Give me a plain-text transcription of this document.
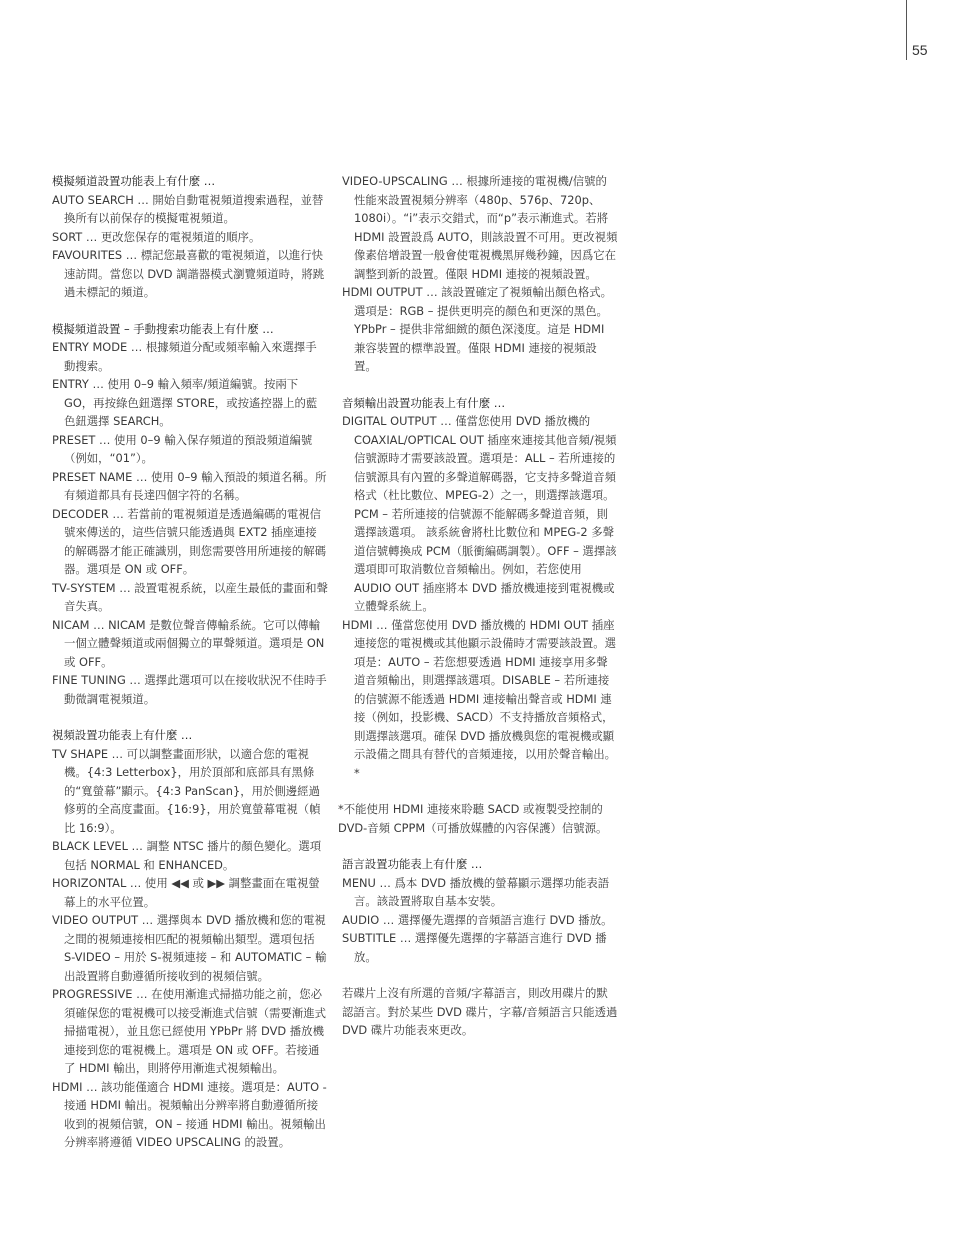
55

模擬頻道設置功能表上有什麼 …

AUTO SEARCH … 開始自動電視頻道搜索過程，並替換所有以前保存的模擬電視頻道。

SORT … 更改您保存的電視頻道的順序。

FAVOURITES … 標記您最喜歡的電視頻道，以進行快速訪問。當您以 DVD 調諧器模式瀏覽頻道時，將跳過未標記的頻道。

模擬頻道設置 – 手動搜索功能表上有什麼 …

ENTRY MODE … 根據頻道分配或頻率輸入來選擇手動搜索。

ENTRY … 使用 0–9 輸入頻率/頻道編號。按兩下 GO，再按綠色鈕選擇 STORE，或按遙控器上的藍色鈕選擇 SEARCH。

PRESET … 使用 0–9 輸入保存頻道的預設頻道編號（例如，“01”）。

PRESET NAME … 使用 0–9 輸入預設的頻道名稱。所有頻道都具有長達四個字符的名稱。

DECODER … 若當前的電視頻道是透過編碼的電視信號來傳送的，這些信號只能透過與 EXT2 插座連接的解碼器才能正確識別，則您需要啓用所連接的解碼器。選項是 ON 或 OFF。

TV-SYSTEM … 設置電視系統，以産生最低的畫面和聲音失真。

NICAM … NICAM 是數位聲音傳輸系統。它可以傳輸一個立體聲頻道或兩個獨立的單聲頻道。選項是 ON 或 OFF。

FINE TUNING … 選擇此選項可以在接收狀況不佳時手動微調電視頻道。

視頻設置功能表上有什麼 …

TV SHAPE … 可以調整畫面形狀，以適合您的電視機。{4:3 Letterbox}，用於頂部和底部具有黑條的“寬螢幕”顯示。{4:3 PanScan}，用於側邊經過修剪的全高度畫面。{16:9}，用於寬螢幕電視（幀比 16:9）。

BLACK LEVEL … 調整 NTSC 播片的顏色變化。選項包括 NORMAL 和 ENHANCED。

HORIZONTAL … 使用 ◀◀ 或 ▶▶ 調整畫面在電視螢幕上的水平位置。

VIDEO OUTPUT … 選擇與本 DVD 播放機和您的電視之間的視頻連接相匹配的視頻輸出類型。選項包括 S-VIDEO – 用於 S-視頻連接 – 和 AUTOMATIC – 輸出設置將自動遵循所接收到的視頻信號。

PROGRESSIVE … 在使用漸進式掃描功能之前，您必須確保您的電視機可以接受漸進式信號（需要漸進式掃描電視），並且您已經使用 YPbPr 將 DVD 播放機連接到您的電視機上。選項是 ON 或 OFF。若接通了 HDMI 輸出，則將停用漸進式視頻輸出。

HDMI … 該功能僅適合 HDMI 連接。選項是：AUTO - 接通 HDMI 輸出。視頻輸出分辨率將自動遵循所接收到的視頻信號，ON – 接通 HDMI 輸出。視頻輸出分辨率將遵循 VIDEO UPSCALING 的設置。

VIDEO-UPSCALING … 根據所連接的電視機/信號的性能來設置視頻分辨率（480p、576p、720p、1080i）。“i”表示交錯式，而“p”表示漸進式。若將 HDMI 設置設爲 AUTO，則該設置不可用。更改視頻像素倍增設置一般會使電視機黑屏幾秒鐘，因爲它在調整到新的設置。僅限 HDMI 連接的視頻設置。

HDMI OUTPUT … 該設置確定了視頻輸出顏色格式。選項是：RGB – 提供更明亮的顏色和更深的黑色。YPbPr – 提供非常細緻的顏色深淺度。這是 HDMI 兼容裝置的標準設置。僅限 HDMI 連接的視頻設置。

音頻輸出設置功能表上有什麼 …

DIGITAL OUTPUT … 僅當您使用 DVD 播放機的 COAXIAL/OPTICAL OUT 插座來連接其他音頻/視頻信號源時才需要該設置。選項是：ALL – 若所連接的信號源具有內置的多聲道解碼器，它支持多聲道音頻格式（杜比數位、MPEG-2）之一，則選擇該選項。PCM – 若所連接的信號源不能解碼多聲道音頻，則選擇該選項。 該系統會將杜比數位和 MPEG-2 多聲道信號轉換成 PCM（脈衝編碼調製）。OFF – 選擇該選項即可取消數位音頻輸出。例如，若您使用 AUDIO OUT 插座將本 DVD 播放機連接到電視機或立體聲系統上。

HDMI … 僅當您使用 DVD 播放機的 HDMI OUT 插座連接您的電視機或其他顯示設備時才需要該設置。選項是：AUTO – 若您想要透過 HDMI 連接享用多聲道音頻輸出，則選擇該選項。DISABLE – 若所連接的信號源不能透過 HDMI 連接輸出聲音或 HDMI 連接（例如，投影機、SACD）不支持播放音頻格式，則選擇該選項。確保 DVD 播放機與您的電視機或顯示設備之間具有替代的音頻連接，以用於聲音輸出。*

*不能使用 HDMI 連接來聆聽 SACD 或複製受控制的 DVD-音頻 CPPM（可播放媒體的內容保護）信號源。

語言設置功能表上有什麼 …

MENU … 爲本 DVD 播放機的螢幕顯示選擇功能表語言。該設置將取自基本安裝。

AUDIO … 選擇優先選擇的音頻語言進行 DVD 播放。

SUBTITLE … 選擇優先選擇的字幕語言進行 DVD 播放。

若碟片上沒有所選的音頻/字幕語言，則改用碟片的默認語言。對於某些 DVD 碟片，字幕/音頻語言只能透過 DVD 碟片功能表來更改。
